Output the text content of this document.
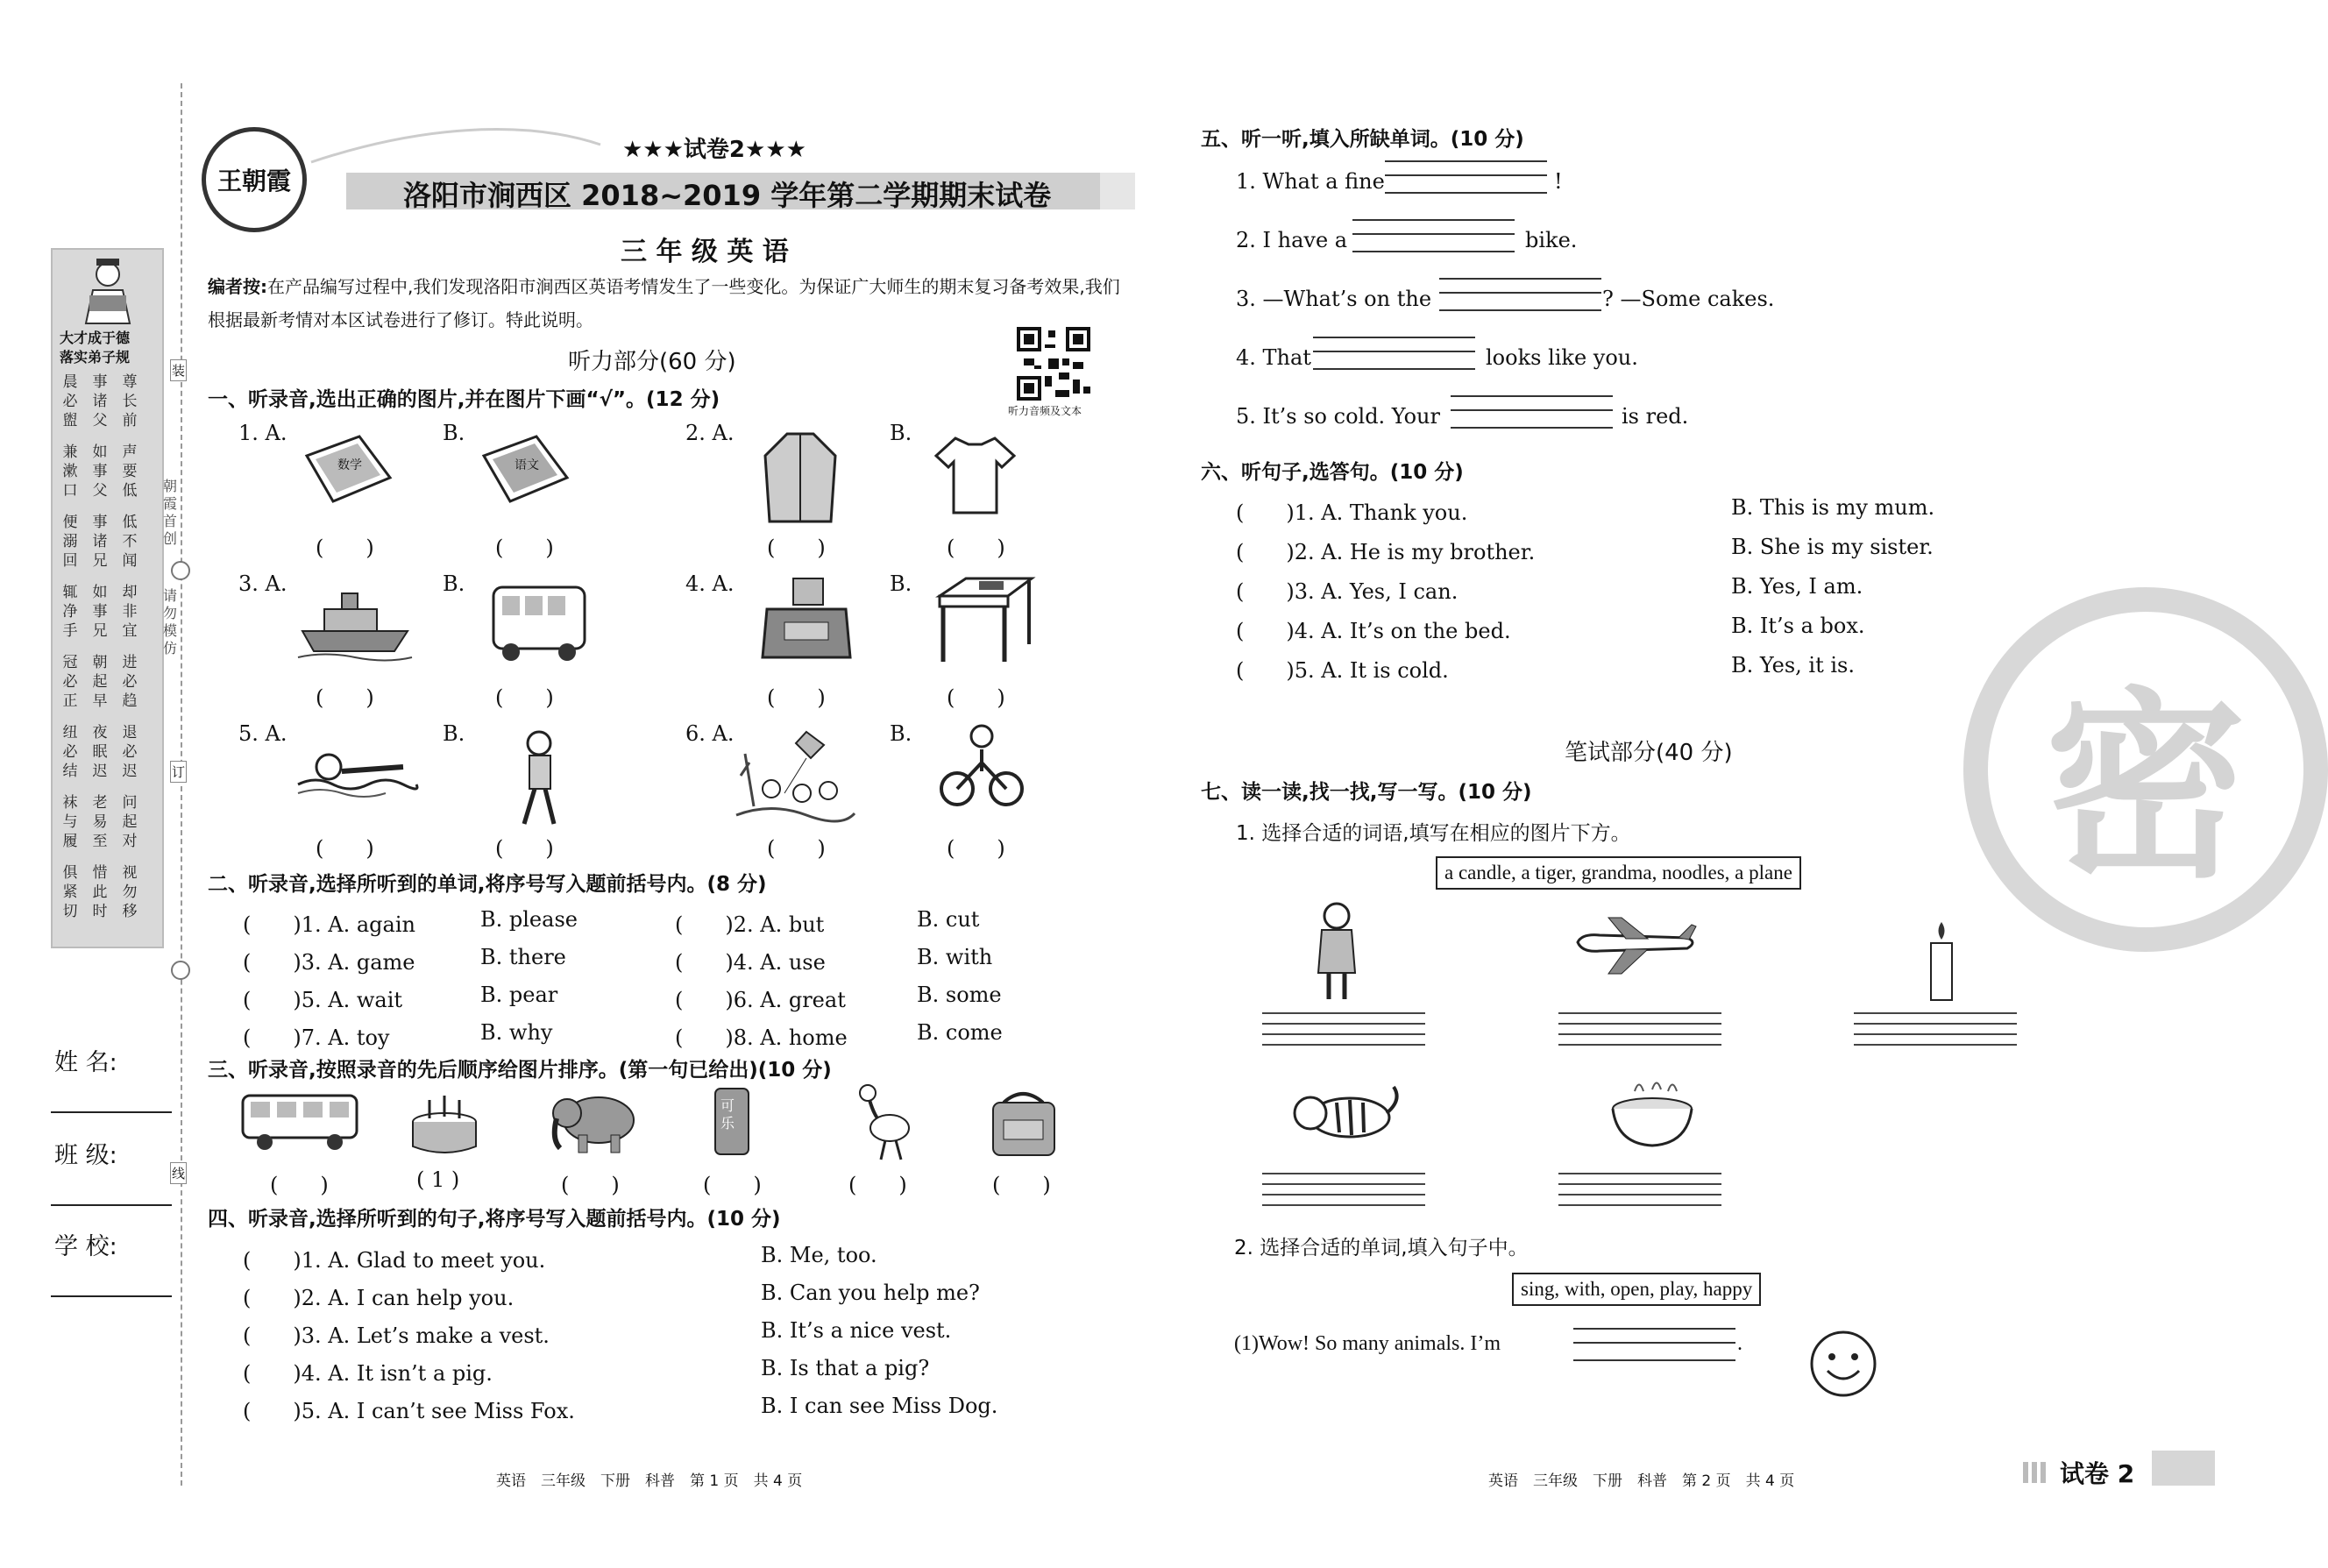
装
订
线
大才成于德
落实弟子规
晨必盥
事诸父
尊长前
兼漱口
如事父
声要低
便溺回
事诸兄
低不闻
辄净手
如事兄
却非宜
冠必正
朝起早
进必趋
纽必结
夜眠迟
退必迟
袜与履
老易至
问起对
俱紧切
惜此时
视勿移
朝霞首创
请勿模仿
姓 名:
班 级:
学 校:
王朝霞
★★★试卷2★★★
洛阳市涧西区 2018~2019 学年第二学期期末试卷
三 年 级 英 语
编者按:在产品编写过程中,我们发现洛阳市涧西区英语考情发生了一些变化。为保证广大师生的期末复习备考效果,我们根据最新考情对本区试卷进行了修订。特此说明。
听力音频及文本
听力部分(60 分)
一、听录音,选出正确的图片,并在图片下画“√”。(12 分)
1. A.	B.
(　　)	(　　)
2. A.	B.
(　　)	(　　)
3. A.	B.
(　　)	(　　)
4. A.	B.
(　　)	(　　)
5. A.	B.
(　　)	(　　)
6. A.	B.
(　　)	(　　)
数学	语文
二、听录音,选择所听到的单词,将序号写入题前括号内。(8 分)
(　　)1. A. again	B. please	(　　)2. A. but	B. cut
(　　)3. A. game	B. there	(　　)4. A. use	B. with
(　　)5. A. wait	B. pear	(　　)6. A. great	B. some
(　　)7. A. toy	B. why	(　　)8. A. home	B. come
三、听录音,按照录音的先后顺序给图片排序。(第一句已给出)(10 分)
可乐
(　　)	( 1 )	(　　)	(　　)	(　　)	(　　)
四、听录音,选择所听到的句子,将序号写入题前括号内。(10 分)
(　　)1. A. Glad to meet you.	B. Me, too.
(　　)2. A. I can help you.	B. Can you help me?
(　　)3. A. Let’s make a vest.	B. It’s a nice vest.
(　　)4. A. It isn’t a pig.	B. Is that a pig?
(　　)5. A. I can’t see Miss Fox.	B. I can see Miss Dog.
英语　三年级　下册　科普　第 1 页　共 4 页
五、听一听,填入所缺单词。(10 分)
1. What a fine	!
2. I have a	bike.
3. —What’s on the	? —Some cakes.
4. That	looks like you.
5. It’s so cold. Your	is red.
六、听句子,选答句。(10 分)
(　　)1. A. Thank you.	B. This is my mum.
(　　)2. A. He is my brother.	B. She is my sister.
(　　)3. A. Yes, I can.	B. Yes, I am.
(　　)4. A. It’s on the bed.	B. It’s a box.
(　　)5. A. It is cold.	B. Yes, it is.
笔试部分(40 分)
七、读一读,找一找,写一写。(10 分)
1. 选择合适的词语,填写在相应的图片下方。
a candle, a tiger, grandma, noodles, a plane
2. 选择合适的单词,填入句子中。
sing, with, open, play, happy
(1)Wow! So many animals. I’m	.
密
英语　三年级　下册　科普　第 2 页　共 4 页	试卷 2
